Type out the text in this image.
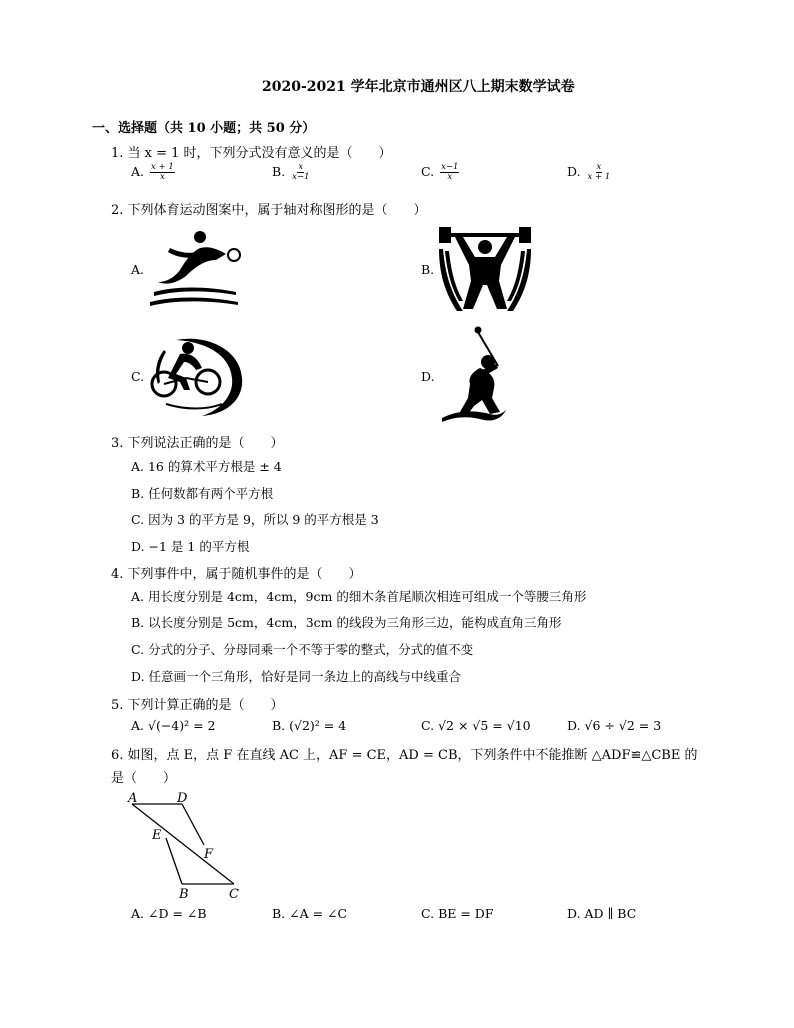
2020-2021 学年北京市通州区八上期末数学试卷
一、选择题（共 10 小题；共 50 分）
1. 当 x = 1 时，下列分式没有意义的是（　　）
A. $\frac{x + 1}{x}$	B. $\frac{x}{x-1}$	C. $\frac{x-1}{x}$	D. $\frac{x}{x + 1}$
2. 下列体育运动图案中，属于轴对称图形的是（　　）
A.	B.
C.	D.
3. 下列说法正确的是（　　）
A. 16 的算术平方根是 ± 4
B. 任何数都有两个平方根
C. 因为 3 的平方是 9，所以 9 的平方根是 3
D. −1 是 1 的平方根
4. 下列事件中，属于随机事件的是（　　）
A. 用长度分别是 4cm，4cm，9cm 的细木条首尾顺次相连可组成一个等腰三角形
B. 以长度分别是 5cm，4cm，3cm 的线段为三角形三边，能构成直角三角形
C. 分式的分子、分母同乘一个不等于零的整式，分式的值不变
D. 任意画一个三角形，恰好是同一条边上的高线与中线重合
5. 下列计算正确的是（　　）
A. √(−4)² = 2	B. (√2)² = 4	C. √2 × √5 = √10	D. √6 ÷ √2 = 3
6. 如图，点 E，点 F 在直线 AC 上，AF = CE，AD = CB，下列条件中不能推断 △ADF≌△CBE 的
是（　　）
A	D
E
F
B	C
A. ∠D = ∠B	B. ∠A = ∠C	C. BE = DF	D. AD ∥ BC
